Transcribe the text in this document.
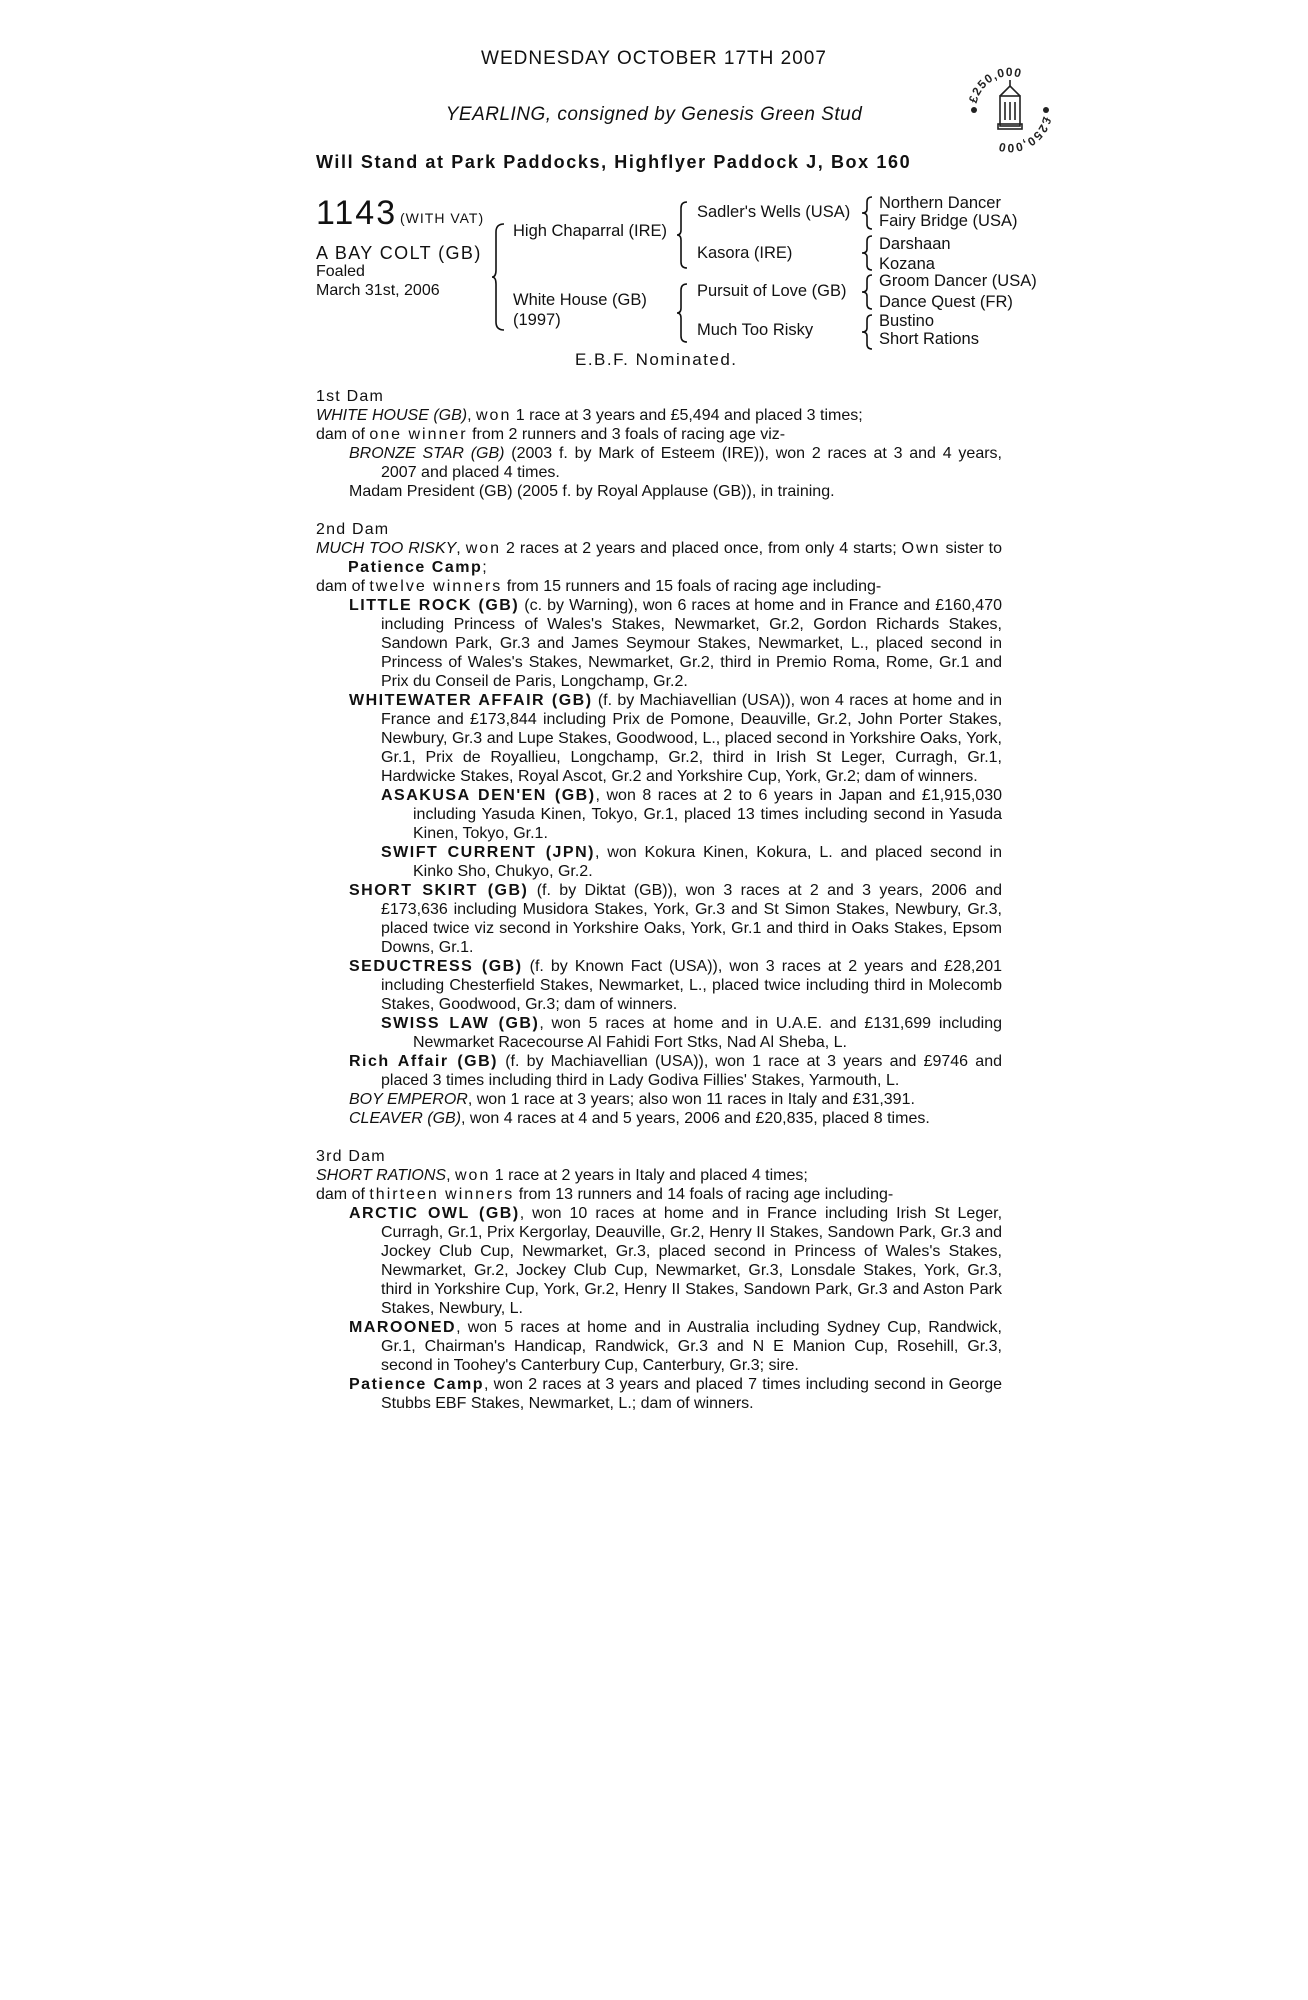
WEDNESDAY OCTOBER 17TH 2007
YEARLING, consigned by Genesis Green Stud
Will Stand at Park Paddocks, Highflyer Paddock J, Box 160
£250,000
£250,000
1143 (WITH VAT)
A BAY COLT (GB)
Foaled
March 31st, 2006
High Chaparral (IRE)
White House (GB)
(1997)
Sadler's Wells (USA)
Kasora (IRE)
Pursuit of Love (GB)
Much Too Risky
Northern Dancer
Fairy Bridge (USA)
Darshaan
Kozana
Groom Dancer (USA)
Dance Quest (FR)
Bustino
Short Rations
E.B.F. Nominated.
1st Dam
WHITE HOUSE (GB), won 1 race at 3 years and £5,494 and placed 3 times;
dam of one winner from 2 runners and 3 foals of racing age viz-
BRONZE STAR (GB) (2003 f. by Mark of Esteem (IRE)), won 2 races at 3 and 4 years, 2007 and placed 4 times.
Madam President (GB) (2005 f. by Royal Applause (GB)), in training.
2nd Dam
MUCH TOO RISKY, won 2 races at 2 years and placed once, from only 4 starts; Own sister to Patience Camp;
dam of twelve winners from 15 runners and 15 foals of racing age including-
LITTLE ROCK (GB) (c. by Warning), won 6 races at home and in France and £160,470 including Princess of Wales's Stakes, Newmarket, Gr.2, Gordon Richards Stakes, Sandown Park, Gr.3 and James Seymour Stakes, Newmarket, L., placed second in Princess of Wales's Stakes, Newmarket, Gr.2, third in Premio Roma, Rome, Gr.1 and Prix du Conseil de Paris, Longchamp, Gr.2.
WHITEWATER AFFAIR (GB) (f. by Machiavellian (USA)), won 4 races at home and in France and £173,844 including Prix de Pomone, Deauville, Gr.2, John Porter Stakes, Newbury, Gr.3 and Lupe Stakes, Goodwood, L., placed second in Yorkshire Oaks, York, Gr.1, Prix de Royallieu, Longchamp, Gr.2, third in Irish St Leger, Curragh, Gr.1, Hardwicke Stakes, Royal Ascot, Gr.2 and Yorkshire Cup, York, Gr.2; dam of winners.
ASAKUSA DEN'EN (GB), won 8 races at 2 to 6 years in Japan and £1,915,030 including Yasuda Kinen, Tokyo, Gr.1, placed 13 times including second in Yasuda Kinen, Tokyo, Gr.1.
SWIFT CURRENT (JPN), won Kokura Kinen, Kokura, L. and placed second in Kinko Sho, Chukyo, Gr.2.
SHORT SKIRT (GB) (f. by Diktat (GB)), won 3 races at 2 and 3 years, 2006 and £173,636 including Musidora Stakes, York, Gr.3 and St Simon Stakes, Newbury, Gr.3, placed twice viz second in Yorkshire Oaks, York, Gr.1 and third in Oaks Stakes, Epsom Downs, Gr.1.
SEDUCTRESS (GB) (f. by Known Fact (USA)), won 3 races at 2 years and £28,201 including Chesterfield Stakes, Newmarket, L., placed twice including third in Molecomb Stakes, Goodwood, Gr.3; dam of winners.
SWISS LAW (GB), won 5 races at home and in U.A.E. and £131,699 including Newmarket Racecourse Al Fahidi Fort Stks, Nad Al Sheba, L.
Rich Affair (GB) (f. by Machiavellian (USA)), won 1 race at 3 years and £9746 and placed 3 times including third in Lady Godiva Fillies' Stakes, Yarmouth, L.
BOY EMPEROR, won 1 race at 3 years; also won 11 races in Italy and £31,391.
CLEAVER (GB), won 4 races at 4 and 5 years, 2006 and £20,835, placed 8 times.
3rd Dam
SHORT RATIONS, won 1 race at 2 years in Italy and placed 4 times;
dam of thirteen winners from 13 runners and 14 foals of racing age including-
ARCTIC OWL (GB), won 10 races at home and in France including Irish St Leger, Curragh, Gr.1, Prix Kergorlay, Deauville, Gr.2, Henry II Stakes, Sandown Park, Gr.3 and Jockey Club Cup, Newmarket, Gr.3, placed second in Princess of Wales's Stakes, Newmarket, Gr.2, Jockey Club Cup, Newmarket, Gr.3, Lonsdale Stakes, York, Gr.3, third in Yorkshire Cup, York, Gr.2, Henry II Stakes, Sandown Park, Gr.3 and Aston Park Stakes, Newbury, L.
MAROONED, won 5 races at home and in Australia including Sydney Cup, Randwick, Gr.1, Chairman's Handicap, Randwick, Gr.3 and N E Manion Cup, Rosehill, Gr.3, second in Toohey's Canterbury Cup, Canterbury, Gr.3; sire.
Patience Camp, won 2 races at 3 years and placed 7 times including second in George Stubbs EBF Stakes, Newmarket, L.; dam of winners.
